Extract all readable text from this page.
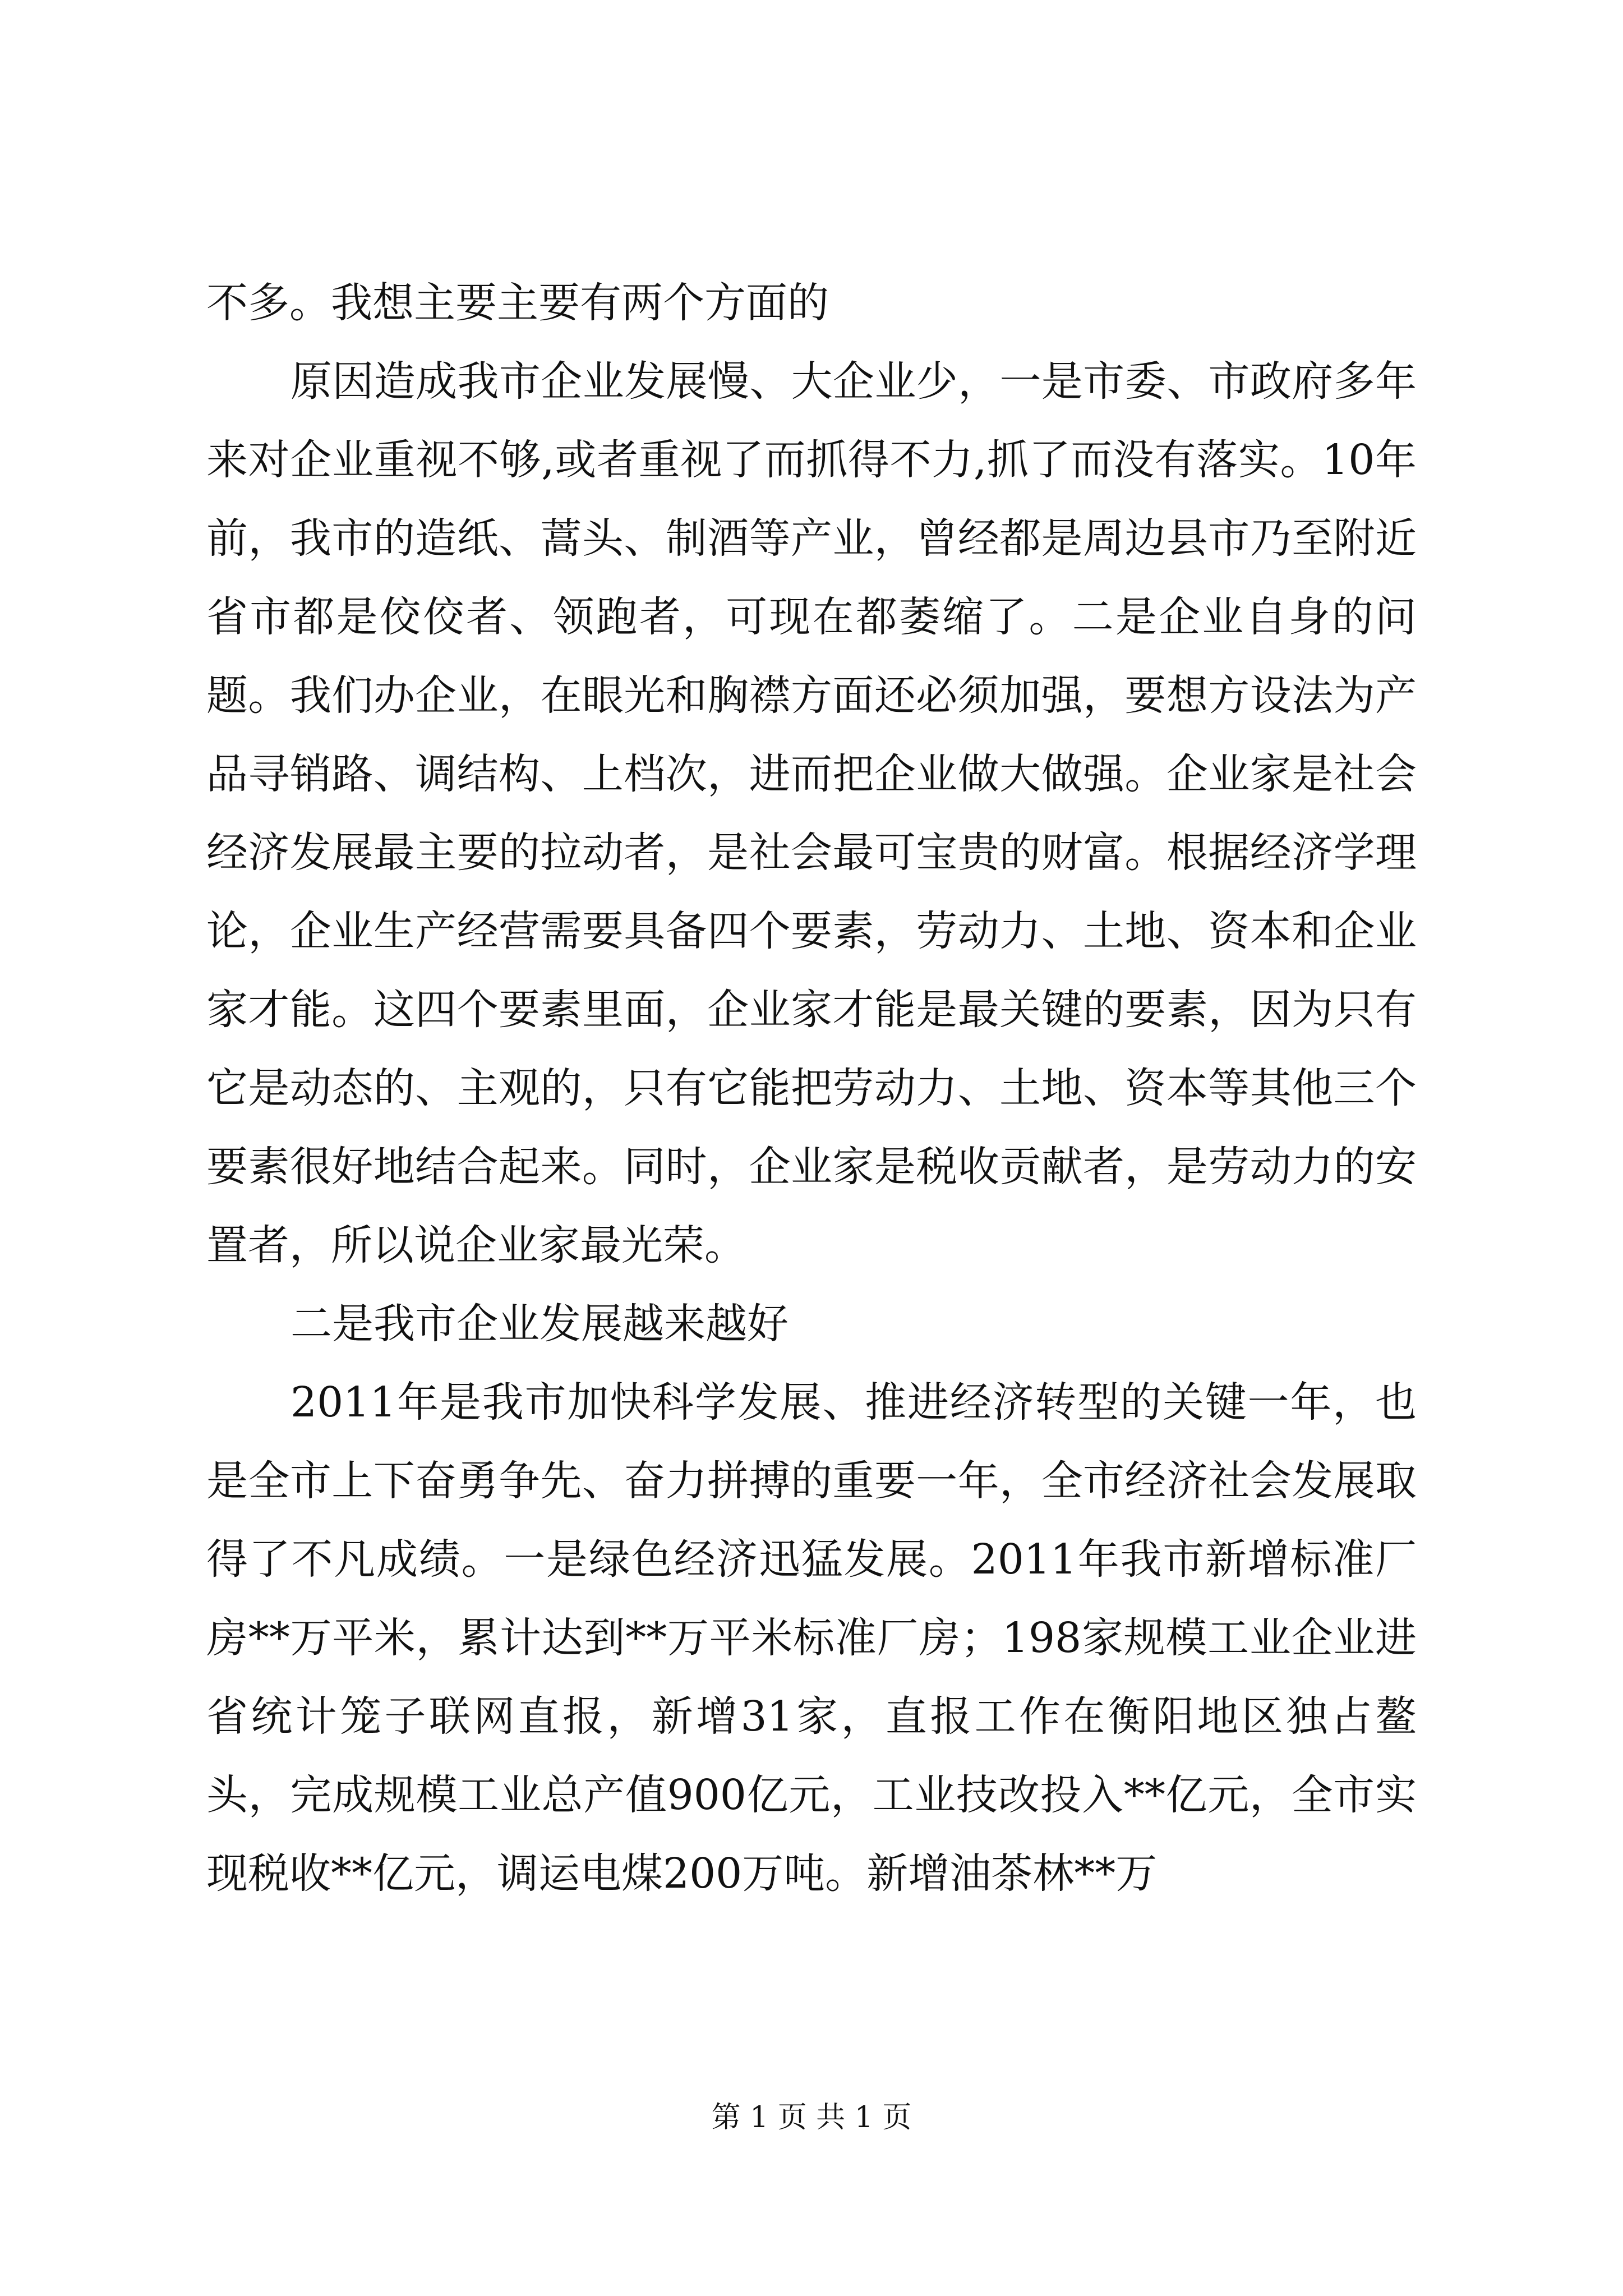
不多。我想主要主要有两个方面的

原因造成我市企业发展慢、大企业少，一是市委、市政府多年来对企业重视不够,或者重视了而抓得不力,抓了而没有落实。10年前，我市的造纸、蒿头、制酒等产业，曾经都是周边县市乃至附近省市都是佼佼者、领跑者，可现在都萎缩了。二是企业自身的问题。我们办企业，在眼光和胸襟方面还必须加强，要想方设法为产品寻销路、调结构、上档次，进而把企业做大做强。企业家是社会经济发展最主要的拉动者，是社会最可宝贵的财富。根据经济学理论，企业生产经营需要具备四个要素，劳动力、土地、资本和企业家才能。这四个要素里面，企业家才能是最关键的要素，因为只有它是动态的、主观的，只有它能把劳动力、土地、资本等其他三个要素很好地结合起来。同时，企业家是税收贡献者，是劳动力的安置者，所以说企业家最光荣。

二是我市企业发展越来越好

2011年是我市加快科学发展、推进经济转型的关键一年，也是全市上下奋勇争先、奋力拼搏的重要一年，全市经济社会发展取得了不凡成绩。一是绿色经济迅猛发展。2011年我市新增标准厂房**万平米，累计达到**万平米标准厂房；198家规模工业企业进省统计笼子联网直报，新增31家，直报工作在衡阳地区独占鳌头，完成规模工业总产值900亿元，工业技改投入**亿元，全市实现税收**亿元，调运电煤200万吨。新增油茶林**万

第 1 页 共 1 页
